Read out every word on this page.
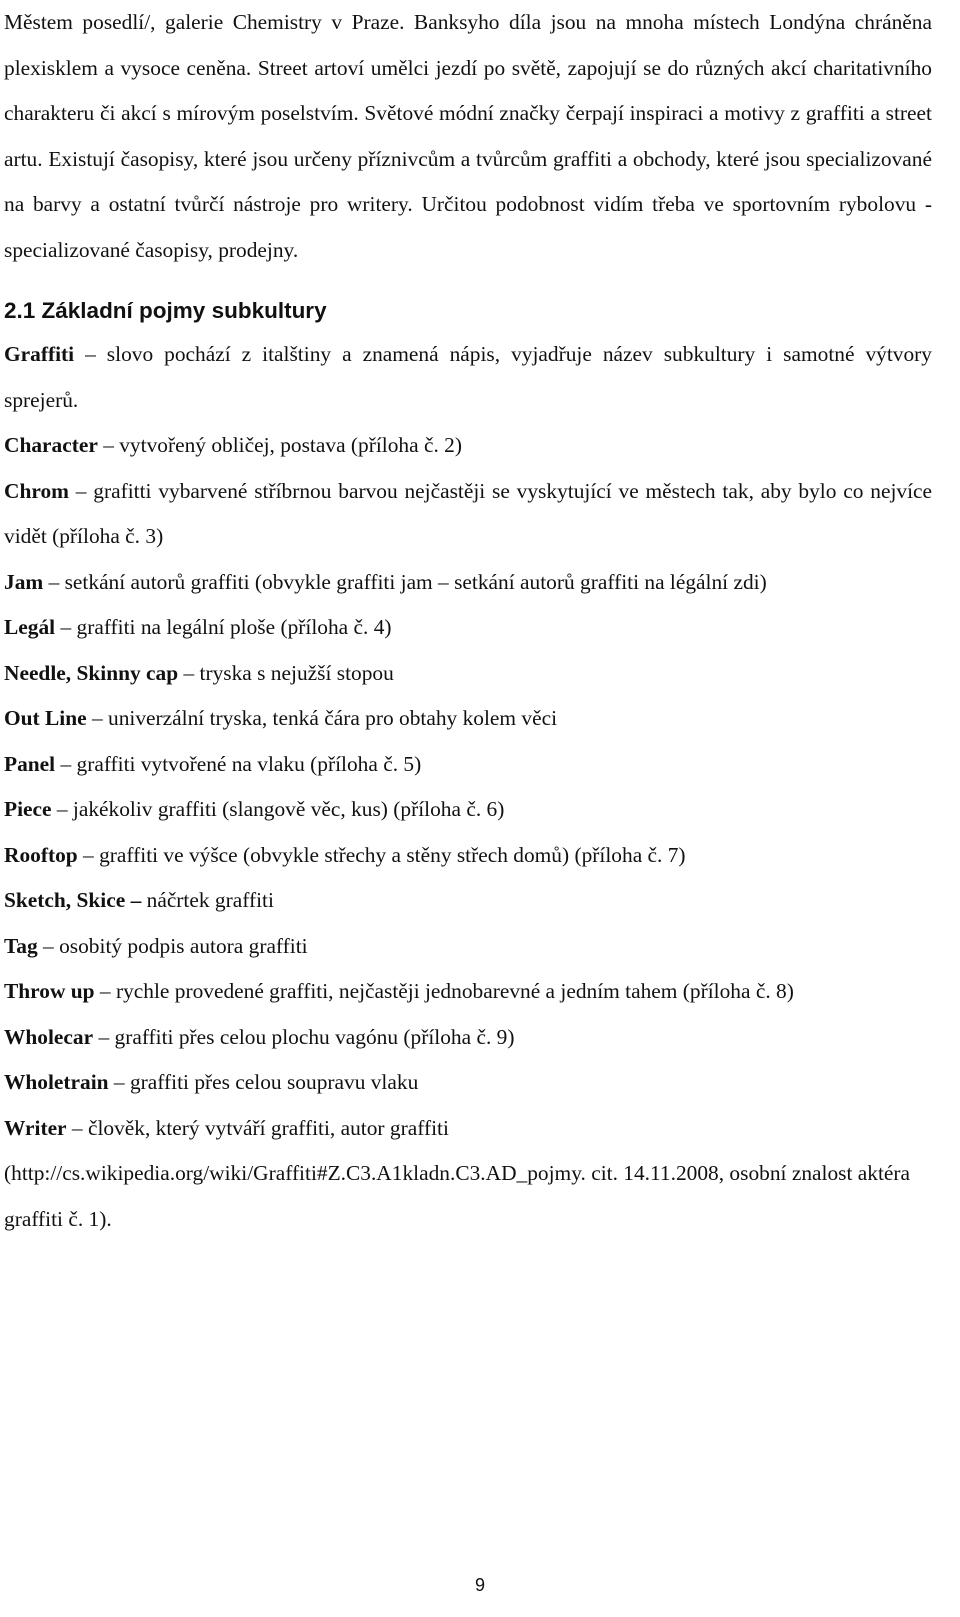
Městem posedlí/, galerie Chemistry v Praze. Banksyho díla jsou na mnoha místech Londýna chráněna plexisklem a vysoce ceněna. Street artoví umělci jezdí po světě, zapojují se do různých akcí charitativního charakteru či akcí s mírovým poselstvím. Světové módní značky čerpají inspiraci a motivy z graffiti a street artu. Existují časopisy, které jsou určeny příznivcům a tvůrcům graffiti a obchody, které jsou specializované na barvy a ostatní tvůrčí nástroje pro writery. Určitou podobnost vidím třeba ve sportovním rybolovu - specializované časopisy, prodejny.

2.1 Základní pojmy subkultury

Graffiti – slovo pochází z italštiny a znamená nápis, vyjadřuje název subkultury i samotné výtvory sprejerů.

Character – vytvořený obličej, postava (příloha č. 2)

Chrom – grafitti vybarvené stříbrnou barvou nejčastěji se vyskytující ve městech tak, aby bylo co nejvíce vidět (příloha č. 3)

Jam – setkání autorů graffiti (obvykle graffiti jam – setkání autorů graffiti na légální zdi)

Legál – graffiti na legální ploše (příloha č. 4)

Needle, Skinny cap – tryska s nejužší stopou

Out Line – univerzální tryska, tenká čára pro obtahy kolem věci

Panel – graffiti vytvořené na vlaku (příloha č. 5)

Piece – jakékoliv graffiti (slangově věc, kus) (příloha č. 6)

Rooftop – graffiti ve výšce (obvykle střechy a stěny střech domů) (příloha č. 7)

Sketch, Skice – náčrtek graffiti

Tag – osobitý podpis autora graffiti

Throw up – rychle provedené graffiti, nejčastěji jednobarevné a jedním tahem (příloha č. 8)

Wholecar – graffiti přes celou plochu vagónu (příloha č. 9)

Wholetrain – graffiti přes celou soupravu vlaku

Writer – člověk, který vytváří graffiti, autor graffiti

(http://cs.wikipedia.org/wiki/Graffiti#Z.C3.A1kladn.C3.AD_pojmy. cit. 14.11.2008, osobní znalost aktéra graffiti č. 1).

9
